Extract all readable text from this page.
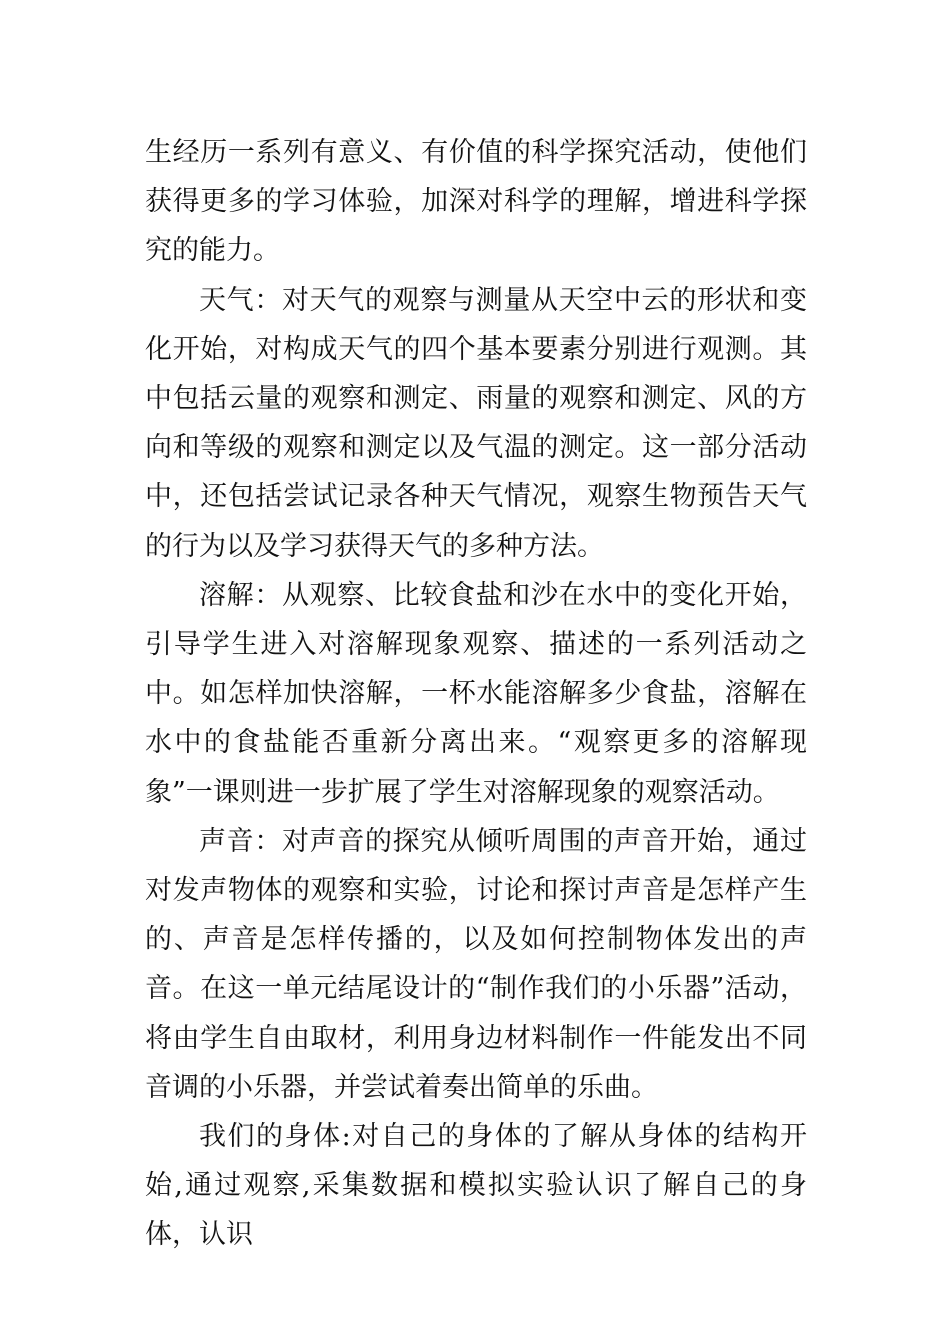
生经历一系列有意义、有价值的科学探究活动，使他们获得更多的学习体验，加深对科学的理解，增进科学探究的能力。

天气：对天气的观察与测量从天空中云的形状和变化开始，对构成天气的四个基本要素分别进行观测。其中包括云量的观察和测定、雨量的观察和测定、风的方向和等级的观察和测定以及气温的测定。这一部分活动中，还包括尝试记录各种天气情况，观察生物预告天气的行为以及学习获得天气的多种方法。

溶解：从观察、比较食盐和沙在水中的变化开始，引导学生进入对溶解现象观察、描述的一系列活动之中。如怎样加快溶解，一杯水能溶解多少食盐，溶解在水中的食盐能否重新分离出来。“观察更多的溶解现象”一课则进一步扩展了学生对溶解现象的观察活动。

声音：对声音的探究从倾听周围的声音开始，通过对发声物体的观察和实验，讨论和探讨声音是怎样产生的、声音是怎样传播的，以及如何控制物体发出的声音。在这一单元结尾设计的“制作我们的小乐器”活动，将由学生自由取材，利用身边材料制作一件能发出不同音调的小乐器，并尝试着奏出简单的乐曲。

我们的身体:对自己的身体的了解从身体的结构开始,通过观察,采集数据和模拟实验认识了解自己的身体，认识
